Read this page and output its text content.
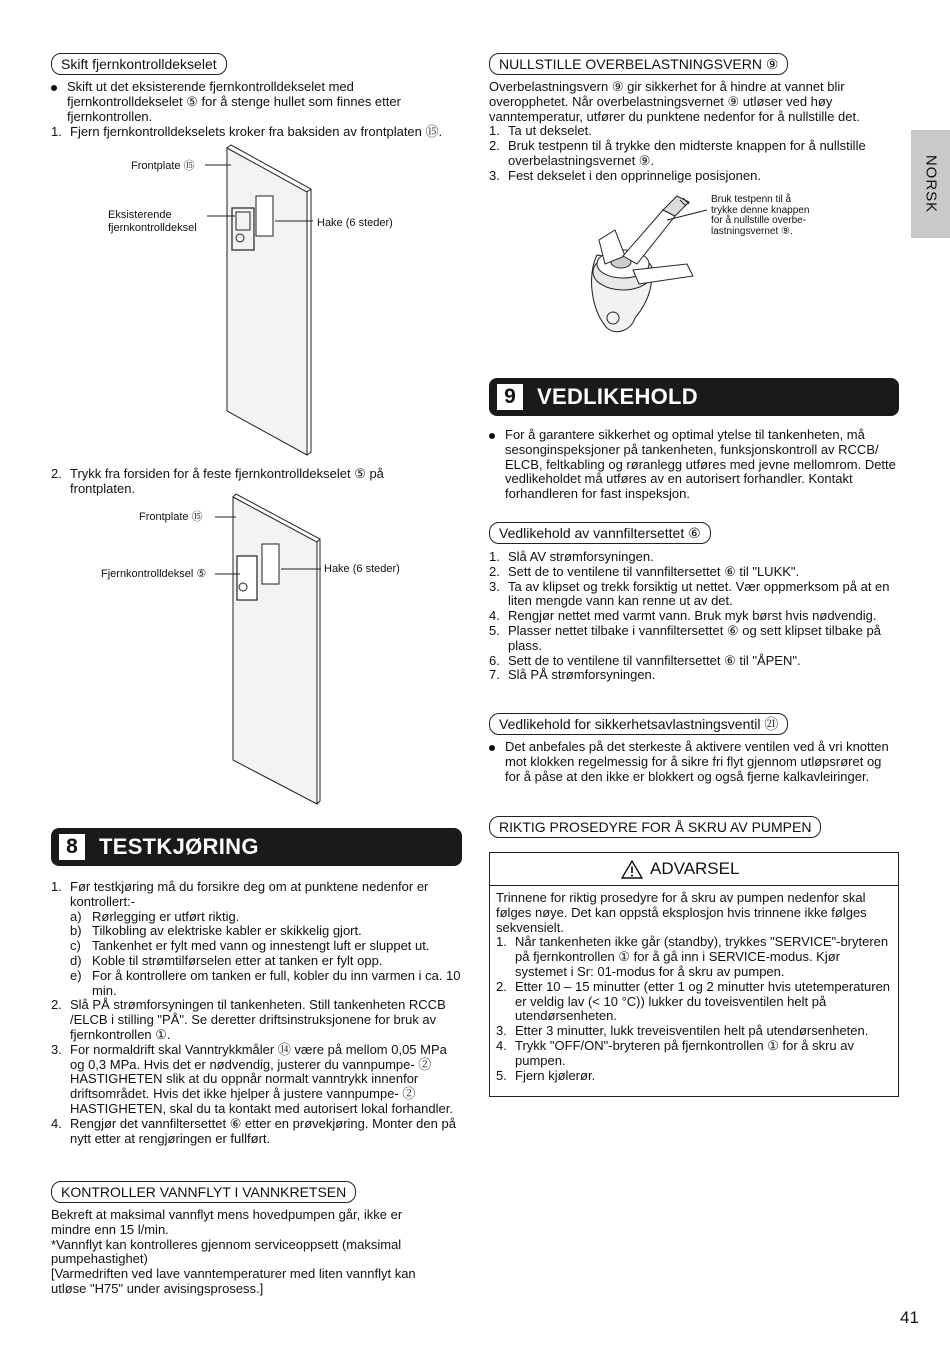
NORSK
Skift fjernkontrolldekselet
Skift ut det eksisterende fjernkontrolldekselet med fjernkontrolldekselet ⑤ for å stenge hullet som finnes etter fjernkontrollen.
1. Fjern fjernkontrolldekselets kroker fra baksiden av frontplaten ⑮.
Frontplate ⑮
Eksisterende
fjernkontrolldeksel	Hake (6 steder)
2. Trykk fra forsiden for å feste fjernkontrolldekselet ⑤ på frontplaten.
Frontplate ⑮
Fjernkontrolldeksel ⑤	Hake (6 steder)
8 TESTKJØRING
1. Før testkjøring må du forsikre deg om at punktene nedenfor er kontrollert:-
a) Rørlegging er utført riktig.
b) Tilkobling av elektriske kabler er skikkelig gjort.
c) Tankenhet er fylt med vann og innestengt luft er sluppet ut.
d) Koble til strømtilførselen etter at tanken er fylt opp.
e) For å kontrollere om tanken er full, kobler du inn varmen i ca. 10 min.
2. Slå PÅ strømforsyningen til tankenheten. Still tankenheten RCCB /ELCB i stilling "PÅ". Se deretter driftsinstruksjonene for bruk av fjernkontrollen ①.
3. For normaldrift skal Vanntrykkmåler ⑭ være på mellom 0,05 MPa og 0,3 MPa. Hvis det er nødvendig, justerer du vannpumpe- ② HASTIGHETEN slik at du oppnår normalt vanntrykk innenfor driftsområdet. Hvis det ikke hjelper å justere vannpumpe- ② HASTIGHETEN, skal du ta kontakt med autorisert lokal forhandler.
4. Rengjør det vannfiltersettet ⑥ etter en prøvekjøring. Monter den på nytt etter at rengjøringen er fullført.
KONTROLLER VANNFLYT I VANNKRETSEN
Bekreft at maksimal vannflyt mens hovedpumpen går, ikke er mindre enn 15 l/min.
*Vannflyt kan kontrolleres gjennom serviceoppsett (maksimal pumpehastighet)
[Varmedriften ved lave vanntemperaturer med liten vannflyt kan utløse "H75" under avisingsprosess.]
NULLSTILLE OVERBELASTNINGSVERN ⑨
Overbelastningsvern ⑨ gir sikkerhet for å hindre at vannet blir overopphetet. Når overbelastningsvernet ⑨ utløser ved høy vanntemperatur, utfører du punktene nedenfor for å nullstille det.
1. Ta ut dekselet.
2. Bruk testpenn til å trykke den midterste knappen for å nullstille overbelastningsvernet ⑨.
3. Fest dekselet i den opprinnelige posisjonen.
Bruk testpenn til å trykke denne knappen for å nullstille overbe-lastningsvernet ⑨.
9 VEDLIKEHOLD
For å garantere sikkerhet og optimal ytelse til tankenheten, må sesonginspeksjoner på tankenheten, funksjonskontroll av RCCB/ ELCB, feltkabling og røranlegg utføres med jevne mellomrom. Dette vedlikeholdet må utføres av en autorisert forhandler. Kontakt forhandleren for fast inspeksjon.
Vedlikehold av vannfiltersettet ⑥
1. Slå AV strømforsyningen.
2. Sett de to ventilene til vannfiltersettet ⑥ til "LUKK".
3. Ta av klipset og trekk forsiktig ut nettet. Vær oppmerksom på at en liten mengde vann kan renne ut av det.
4. Rengjør nettet med varmt vann. Bruk myk børst hvis nødvendig.
5. Plasser nettet tilbake i vannfiltersettet ⑥ og sett klipset tilbake på plass.
6. Sett de to ventilene til vannfiltersettet ⑥ til "ÅPEN".
7. Slå PÅ strømforsyningen.
Vedlikehold for sikkerhetsavlastningsventil ㉑
Det anbefales på det sterkeste å aktivere ventilen ved å vri knotten mot klokken regelmessig for å sikre fri flyt gjennom utløpsrøret og for å påse at den ikke er blokkert og også fjerne kalkavleiringer.
RIKTIG PROSEDYRE FOR Å SKRU AV PUMPEN
ADVARSEL
Trinnene for riktig prosedyre for å skru av pumpen nedenfor skal følges nøye. Det kan oppstå eksplosjon hvis trinnene ikke følges sekvensielt.
1. Når tankenheten ikke går (standby), trykkes "SERVICE"-bryteren på fjernkontrollen ① for å gå inn i SERVICE-modus. Kjør systemet i Sr: 01-modus for å skru av pumpen.
2. Etter 10 – 15 minutter (etter 1 og 2 minutter hvis utetemperaturen er veldig lav (< 10 °C)) lukker du toveisventilen helt på utendørsenheten.
3. Etter 3 minutter, lukk treveisventilen helt på utendørsenheten.
4. Trykk "OFF/ON"-bryteren på fjernkontrollen ① for å skru av pumpen.
5. Fjern kjølerør.
41
